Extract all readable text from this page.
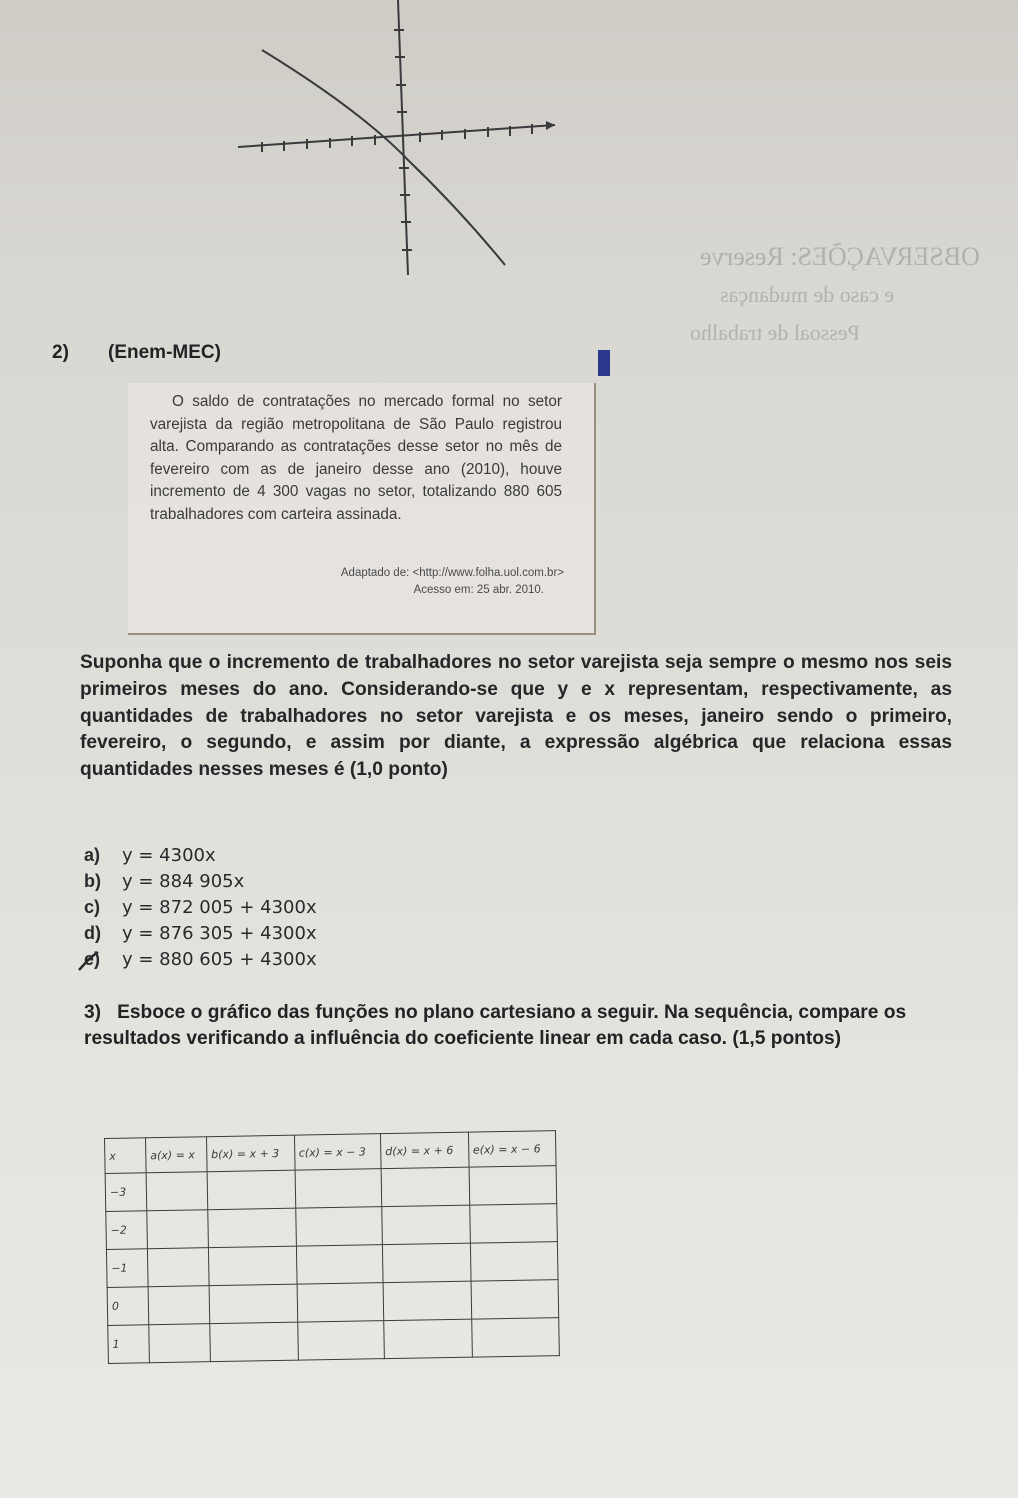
OBSERVAÇÕES: Reserve
e caso de mudanças
Pessoal de trabalho
2) (Enem-MEC)
O saldo de contratações no mercado formal no setor varejista da região metropolitana de São Paulo registrou alta. Comparando as contratações desse setor no mês de fevereiro com as de janeiro desse ano (2010), houve incremento de 4 300 vagas no setor, totalizando 880 605 trabalhadores com carteira assinada.
Adaptado de: <http://www.folha.uol.com.br>
Acesso em: 25 abr. 2010.
Suponha que o incremento de trabalhadores no setor varejista seja sempre o mesmo nos seis primeiros meses do ano. Considerando-se que y e x representam, respectivamente, as quantidades de trabalhadores no setor varejista e os meses, janeiro sendo o primeiro, fevereiro, o segundo, e assim por diante, a expressão algébrica que relaciona essas quantidades nesses meses é (1,0 ponto)
a) y = 4300x
b) y = 884 905x
c) y = 872 005 + 4300x
d) y = 876 305 + 4300x
e) y = 880 605 + 4300x
3) Esboce o gráfico das funções no plano cartesiano a seguir. Na sequência, compare os resultados verificando a influência do coeficiente linear em cada caso. (1,5 pontos)
x	a(x) = x	b(x) = x + 3	c(x) = x − 3	d(x) = x + 6	e(x) = x − 6
−3					
−2					
−1					
0					
1					
